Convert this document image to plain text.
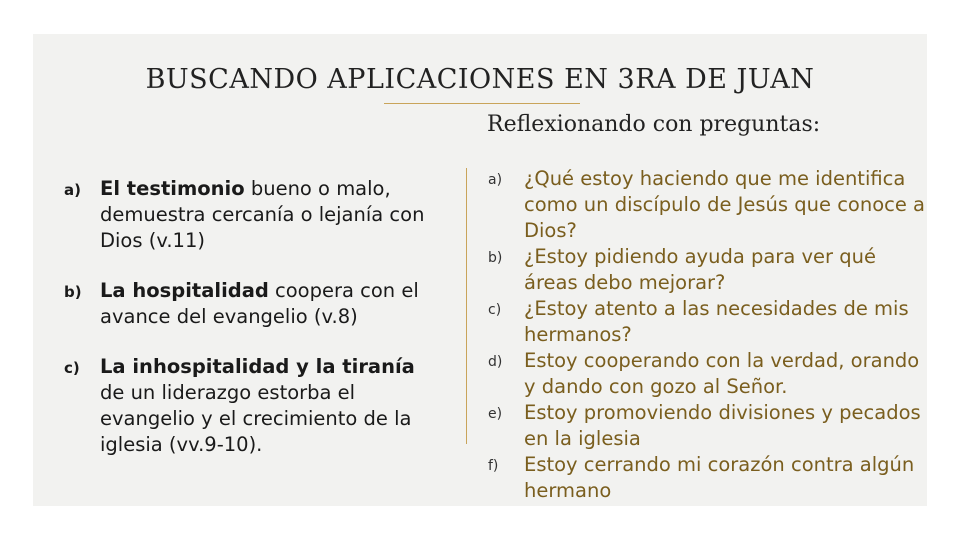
BUSCANDO APLICACIONES EN 3RA DE JUAN
Reflexionando con preguntas:
a) El testimonio bueno o malo, demuestra cercanía o lejanía con Dios (v.11)
b) La hospitalidad coopera con el avance del evangelio (v.8)
c)	La inhospitalidad y la tiranía de un liderazgo estorba el evangelio y el crecimiento de la iglesia (vv.9-10).
a)	¿Qué estoy haciendo que me identifica como un discípulo de Jesús que conoce a Dios?
b)	¿Estoy pidiendo ayuda para ver qué áreas debo mejorar?
c)	¿Estoy atento a las necesidades de mis hermanos?
d)	Estoy cooperando con la verdad, orando y dando con gozo al Señor.
e)	Estoy promoviendo divisiones y pecados en la iglesia
f)	Estoy cerrando mi corazón contra algún hermano
